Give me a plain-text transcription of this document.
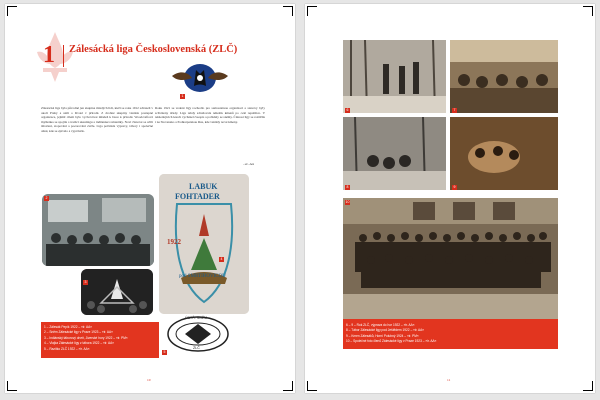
1 Zálesácká liga Československá (ZLČ)
1
Zálesácká liga byla původně jen skupina mladých lidí, kteří se roku 1912 scházeli v okolí Prahy a snili o životě v přírodě. Z drobné skupiny vznikla postupně organizace, jejímž cílem bylo vychovávat mládež k lásce k přírodě. Woodcraftová myšlenka se spojila s tradicí skautingu a indiánské romantiky. Noví členové se učili táboření, stopování a pozorování zvěře. Liga pořádala výpravy, tábory i společné ohně, kde se zpívalo a vyprávělo.
Roku 1921 se vedení ligy rozhodlo pro samostatnou organizaci a stanovy byly schváleny úřady. Liga tehdy sdružovala několik kmenů po celé republice. V následujících letech vycházel časopis a pořádaly se sněmy. Činnost ligy se rozšířila i na Slovensko a Podkarpatskou Rus, kde vznikly nové kmeny.
–ve. AA
2
3
LABUK
FOHTADER
1922
pod SMRTIHOVICOU
4
ÚSTŘ. SNĚM
ZLČ
5
1 – Zálesák Pepík 1922 – »ir. AA«
2 – Sněm Zálesácké ligy v Praze 1923 – »ir. AA«
3 – Indiánský táborový oheň, Jizerské hory 1922 – »ir. PM«
4 – Vlajka Zálesácké ligy z tábora 1922 – »ir. AA«
5 – Razítko ZLČ 1922 – »ir. AA«
10
6	7
8	9
10
6 – 9 – Rok ZLČ, výprava do hor 1922 – »ir. AA«
8 – Tábor Zálesácké ligy pod Ještědem 1922 – »ir. AA«
9 – Kmen Zálesáků, Horní Polubný 1924 – »ir. PM«
10 – Společné foto členů Zálesácké ligy v Praze 1923 – »ir. AA«
11
